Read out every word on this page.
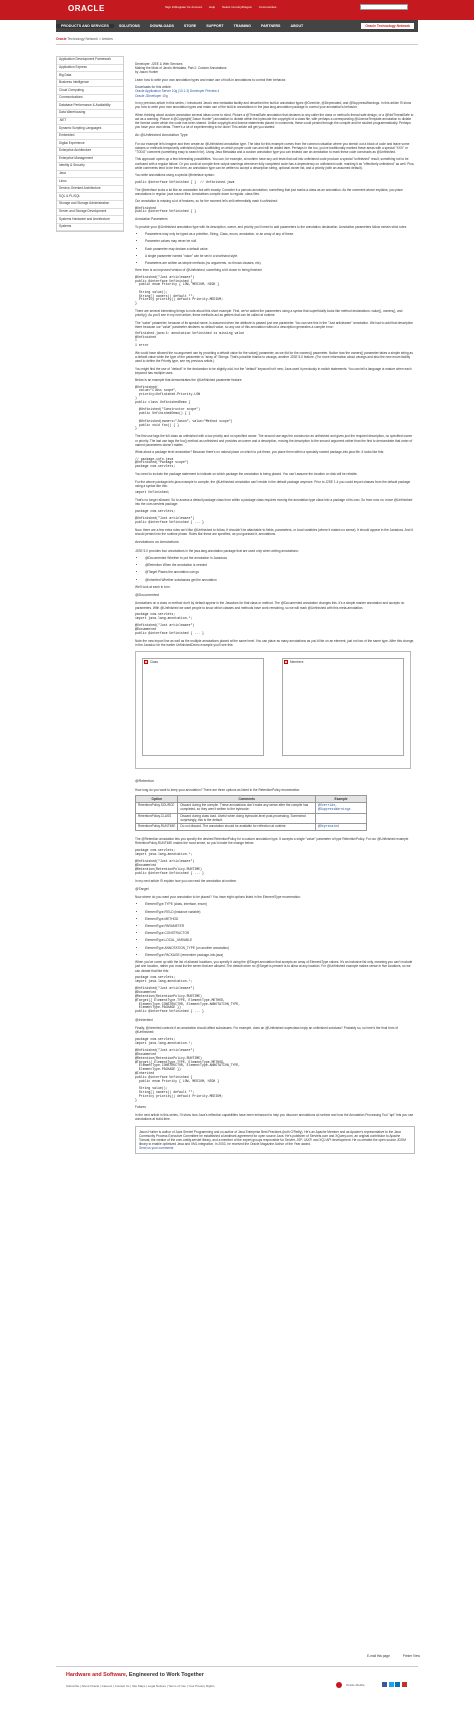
ORACLE	Sign In/Register for Account Help Select Country/Region Communities
PRODUCTS AND SERVICES	SOLUTIONS	DOWNLOADS	STORE	SUPPORT	TRAINING	PARTNERS	ABOUT	Oracle Technology Network
Oracle Technology Network > Articles
Application Development Framework
Application Express
Big Data
Business Intelligence
Cloud Computing
Communications
Database Performance & Availability
Data Warehousing
.NET
Dynamic Scripting Languages
Embedded
Digital Experience
Enterprise Architecture
Enterprise Management
Identity & Security
Java
Linux
Service-Oriented Architecture
SQL & PL/SQL
Storage and Storage Administration
Server and Storage Development
Systems Hardware and Architecture
Systems

Developer: J2EE & Web Services
Making the Most of Java's Metadata, Part 2: Custom Annotations
by Jason Hunter

Learn how to write your own annotation types and make use of built-in annotations to control their behavior.

Downloads for this article:
Oracle Application Server 10g (10.1.3) Developer Preview 4
Oracle JDeveloper 10g

In my previous article in this series, I introduced Java's new metadata facility and described the built-in annotation types @Override, @Deprecated, and @SuppressWarnings. In this article I'll show you how to write your own annotation types and make use of the built-in annotations in the java.lang.annotation package to control your annotation's behavior.

When thinking about custom annotation several ideas come to mind. Picture a @ThreadSafe annotation that declares to any caller the class or method's thread safe design, or a @NotThreadSafe to act as a warning. Picture a @Copyright("Jason Hunter") annotation to dictate within the bytecode the copyright of a class file, with perhaps a corresponding @LicenseTemplate annotation to dictate the license under which the code has been shared. Unlike copyright and license statements placed in comments, these could persist through the compile and be studied programmatically. Perhaps you have your own ideas. There's a lot of experimenting to be done! This article will get you started.

An @Unfinished Annotation Type

For our example let's imagine and then create an @Unfinished annotation type. The idea for this example comes from the common situation where you stretch out a block of code and leave some classes or methods temporarily unfinished (basic scaffolding on which proper code can and will be added later. Perhaps in the too, you've traditionally marked these areas with a special "XXX" or "TODO" comment (something easy to search for). Using Java Metadata and a custom annotation type you can instead use an annotation to mark these code constructs as @Unfinished.

This approach opens up a few interesting possibilities. You can, for example, at runtime have any unit tests that call into unfinished code produce a special "unfinished" result, something not to be confused with a regular failure. Or you could at compile time output warnings whenever fully completed code has a dependency on unfinished code, marking it as "effectively unfinished" as well. Plus, while comments tend to be free-form, an annotation type can be written to accept a description string, optional owner list, and a priority (with an assumed default).

You write annotations using a special @interface syntax:

public @interface Unfinished { }  // Unfinished.java

The @interface looks a lot like an annotation but with exactly. Consider it a pseudo-annotation, something that just marks a class as an annotation. As the comment above explains, you place annotations in regular .java source files. Annotations compile down to regular .class files.

Our annotation is missing a lot of features, so for the moment let's self-referentially mark it unfinished:

@Unfinished
public @interface Unfinished { }

Annotation Parameters

To provide your @Unfinished annotation type with its description, owner, and priority you'll need to add parameters to the annotation declaration. Annotation parameters follow certain strict rules:

• Parameters may only be typed as a primitive, String, Class, enum, annotation, or an array of any of these.
• Parameter values may never be null.
• Each parameter may declare a default value.
• A single parameter named "value" can be set in a shorthand style.
• Parameters are written as simple methods (no arguments, no throws clauses, etc).

Here then is an improved version of @Unfinished, something a bit closer to being finished:

@Unfinished("Just articleware")
public @interface Unfinished {
public enum Priority { LOW, MEDIUM, HIGH }

String value();
String[] owners() default "";
Priority priority() default Priority.MEDIUM;
}

There are several interesting things to note about this short example. First, we've added the parameters using a syntax that superficially looks like method declarations: value(), owners(), and priority(). As you'll see in my next article, these methods act as getters that can be called at runtime.

The "value" parameter, because of its special name, is assumed when the attribute is passed just one parameter. You can see this in the "Just articleware" annotation. We had to add that description there because our "value" parameter declares no default value, so any use of this annotation without a description generates a compile error:

Unfinished.java:4: annotation Unfinished is missing value
@Unfinished
^
1 error

We could have allowed the no-argument use by providing a default value for the value() parameter, as we did for the owners() parameter. Notice how the owners() parameter takes a simple string as a default value while the type of the parameter is "array of" Strings. That's possible thanks to varargs, another J2SE 5.0 feature. (For more information about varargs and also the new enum facility used to define the Priority type, see my previous article.)

You might find the use of "default" in the declaration to be slightly odd, but the "default" keyword isn't new; Java used it previously in switch statements. You can tell a language is mature when each keyword has multiple uses.

Below is an example that demonstrates the @Unfinished parameter feature:

@Unfinished(
value="Class scope",
priority=Unfinished.Priority.LOW
)
public class UnfinishedDemo {

@Unfinished("Constructor scope")
public UnfinishedDemo() { }

@Unfinished(owners="Jason", value="Method scope")
public void foo() { }
}

The first use tags the full class as unfinished with a low priority and no specified owner. The second use tags the constructor as unfinished and gives just the required description, no specified owner or priority. The last use tags the foo() method as unfinished and provides an owner and a description, moving the description to the second argument rather than the first to demonstrate that order of named parameters doesn't matter.

What about a package level annotation? Because there's no natural place on which to put these, you place them within a specially named package-info.java file. It looks like this:

// package-info.java
@Unfinished("Package scope")
package com.servlets;

You need to include the package statement to indicate on which package the annotation is being placed. You can't assume the location on disk will be reliable.

For the above package-info.java example to compile, the @Unfinished annotation can't reside in the default package anymore. Prior to J2SE 1.4 you could import classes from the default package using a syntax like this:

import Unfinished;

That's no longer allowed. So to access a default package class from within a package class requires moving the annotation type class into a package of its own. So from now on, move @Unfinished into the com.servlets package:

package com.servlets;

@Unfinished("Just articleware")
public @interface Unfinished { ... }

Now, there are a few extra rules we'd like @Unfinished to follow. It shouldn't be attachable to fields, parameters, or local variables (where it makes no sense). It should appear in the Javadocs. And it should persist into the runtime phase. Rules like these are specified, as you guessed it, annotations.

Annotations on Annotations

J2SE 5.0 provides four annotations in the java.lang.annotation package that are used only when writing annotations:

• @Documented Whether to put the annotation in Javadocs
• @Retention When the annotation is needed
• @Target Places the annotation can go
• @Inherited Whether subclasses get the annotation

We'll look at each in turn.

@Documented

Annotations on a class or method don't by default appear in the Javadocs for that class or method. The @Documented annotation changes this. It's a simple marker annotation and accepts no parameters. With @Unfinished we want people to know which classes and methods have work remaining, so we will mark @Unfinished with this meta-annotation.

package com.servlets;
import java.lang.annotation.*;

@Unfinished("Just articleware")
@Documented
public @interface Unfinished { ... }

Note the new import line as well as the multiple annotations placed at the same level. You can place as many annotations as you'd like on an element, just not two of the same type. After this change, in the Javadoc for the earlier UnfinishedDemo example you'll see this:

× Class	× Members

@Retention

How long do you want to keep your annotation? There are three options as listed in the RetentionPolicy enumeration:

Option	Comments	Example
RetentionPolicy.SOURCE	Discard during the compile. These annotations don't make any sense after the compile has completed, so they aren't written to the bytecode.	@Override, @SuppressWarnings
RetentionPolicy.CLASS	Discard during class load. Useful when doing bytecode-level post-processing. Somewhat surprisingly, this is the default.	
RetentionPolicy.RUNTIME	Do not discard. The annotation should be available for reflection at runtime.	@Deprecated

The @Retention annotation lets you specify the desired RetentionPolicy for a custom annotation type. It accepts a single "value" parameter of type RetentionPolicy. For our @Unfinished example RetentionPolicy.RUNTIME makes the most sense, so you'd make the change below:

package com.servlets;
import java.lang.annotation.*;

@Unfinished("Just articleware")
@Documented
@Retention(RetentionPolicy.RUNTIME)
public @interface Unfinished { ... }

In my next article I'll explain how you can read the annotation at runtime.

@Target

Now where do you want your annotation to be placed? You have eight options listed in the ElementType enumeration:

• ElementType.TYPE (class, interface, enum)
• ElementType.FIELD (instance variable)
• ElementType.METHOD
• ElementType.PARAMETER
• ElementType.CONSTRUCTOR
• ElementType.LOCAL_VARIABLE
• ElementType.ANNOTATION_TYPE (on another annotation)
• ElementType.PACKAGE (remember package-info.java)

When you've come up with the list of allowed locations, you specify it using the @Target annotation that accepts an array of ElementType values. It's an inclusive list only, meaning you can't exclude just one location, rather you must list the seven that are allowed. The default when no @Target is present is to allow at any location. For @Unfinished example makes sense in five locations, so we can dictate that like this:

package com.servlets;
import java.lang.annotation.*;

@Unfinished("Just articleware")
@Documented
@Retention(RetentionPolicy.RUNTIME)
@Target({ ElementType.TYPE, ElementType.METHOD,
ElementType.CONSTRUCTOR, ElementType.ANNOTATION_TYPE,
ElementType.PACKAGE })
public @interface Unfinished { ... }

@Inherited

Finally, @Inherited controls if an annotation should affect subclasses. For example, does an @Unfinished superclass imply an unfinished subclass? Probably so, so here's the final form of @Unfinished:

package com.servlets;
import java.lang.annotation.*;

@Unfinished("Just articleware")
@Documented
@Retention(RetentionPolicy.RUNTIME)
@Target({ ElementType.TYPE, ElementType.METHOD,
ElementType.CONSTRUCTOR, ElementType.ANNOTATION_TYPE,
ElementType.PACKAGE })
@Inherited
public @interface Unfinished {
public enum Priority { LOW, MEDIUM, HIGH }

String value();
String[] owners() default "";
Priority priority() default Priority.MEDIUM;
}

Futures

In the next article in this series, I'll show how Java's reflection capabilities have been enhanced to help you discover annotations at runtime and how the Annotation Processing Tool "apt" lets you use annotations at build-time.

Jason Hunter is author of Java Servlet Programming and co-author of Java Enterprise Best Practices (both O'Reilly). He's an Apache Member and as Apache's representative to the Java Community Process Executive Committee he established a landmark agreement for open source Java. He's publisher of Servlets.com and XQuery.com, an original contributor to Apache Tomcat, the creator of the com.oreilly.servlet library, and a member of the expert groups responsible for Servlet, JSP, JAXP, and XQJ API development. He co-created the open source JDOM library to enable optimized Java and XML integration. In 2003, he received the Oracle Magazine Author of the Year award.
Send us your comments
E-mail this page	Printer View
Hardware and Software, Engineered to Work Together
Subscribe | About Oracle | Careers | Contact Us | Site Maps | Legal Notices | Terms of Use | Your Privacy Rights	Oracle Mobile
